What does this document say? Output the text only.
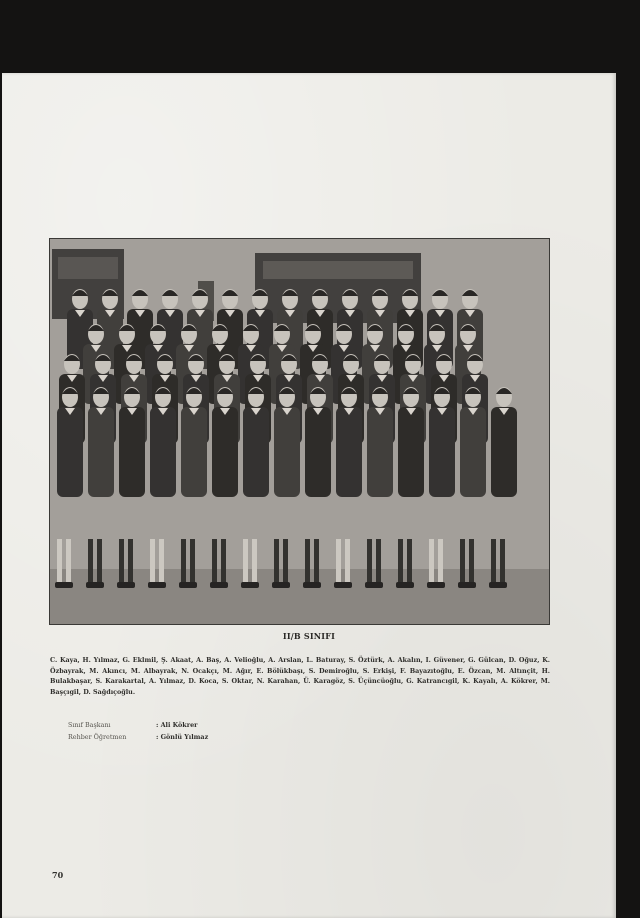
II/B SINIFI

C. Kaya, H. Yılmaz, G. Eklmil, Ş. Akaat, A. Baş, A. Velioğlu, A. Arslan, L. Baturay, S. Öztürk, A. Akalın, I. Güvener, G. Gülcan, D. Oğuz, K. Özbayrak, M. Akıncı, M. Albayrak, N. Ocakçı, M. Ağır, E. Bölükbaşı, S. Demiroğlu, S. Erkişi, F. Bayazıtoğlu, E. Özcan, M. Altınçit, H. Bulakbaşar, S. Karakartal, A. Yılmaz, D. Koca, S. Oktar, N. Karahan, Ü. Karagöz, S. Üçüncüoğlu, G. Katrancıgil, K. Kayalı, A. Kökrer, M. Başçıgil, D. Sağdıçoğlu.

Sınıf Başkanı	: Ali Kökrer
Rehber Öğretmen	: Gönlü Yılmaz
70
